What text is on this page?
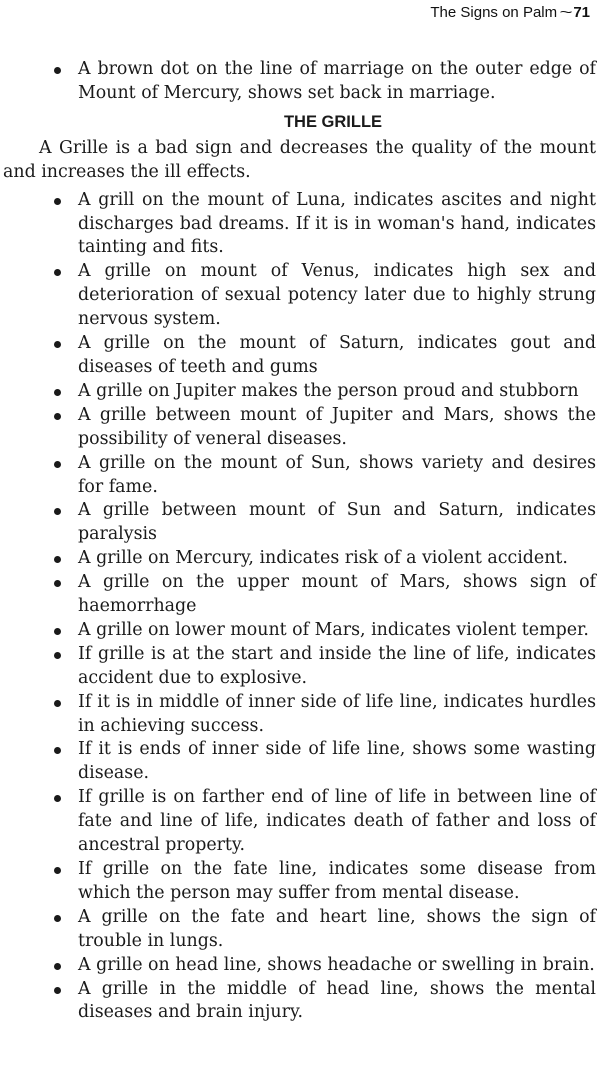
The Signs on Palm ~71
A brown dot on the line of marriage on the outer edge of Mount of Mercury, shows set back in marriage.
THE GRILLE

A Grille is a bad sign and decreases the quality of the mount and increases the ill effects.

A grill on the mount of Luna, indicates ascites and night discharges bad dreams. If it is in woman's hand, indicates tainting and fits.
A grille on mount of Venus, indicates high sex and deterioration of sexual potency later due to highly strung nervous system.
A grille on the mount of Saturn, indicates gout and diseases of teeth and gums
A grille on Jupiter makes the person proud and stubborn
A grille between mount of Jupiter and Mars, shows the possibility of veneral diseases.
A grille on the mount of Sun, shows variety and desires for fame.
A grille between mount of Sun and Saturn, indicates paralysis
A grille on Mercury, indicates risk of a violent accident.
A grille on the upper mount of Mars, shows sign of haemorrhage
A grille on lower mount of Mars, indicates violent temper.
If grille is at the start and inside the line of life, indicates accident due to explosive.
If it is in middle of inner side of life line, indicates hurdles in achieving success.
If it is ends of inner side of life line, shows some wasting disease.
If grille is on farther end of line of life in between line of fate and line of life, indicates death of father and loss of ancestral property.
If grille on the fate line, indicates some disease from which the person may suffer from mental disease.
A grille on the fate and heart line, shows the sign of trouble in lungs.
A grille on head line, shows headache or swelling in brain.
A grille in the middle of head line, shows the mental diseases and brain injury.
